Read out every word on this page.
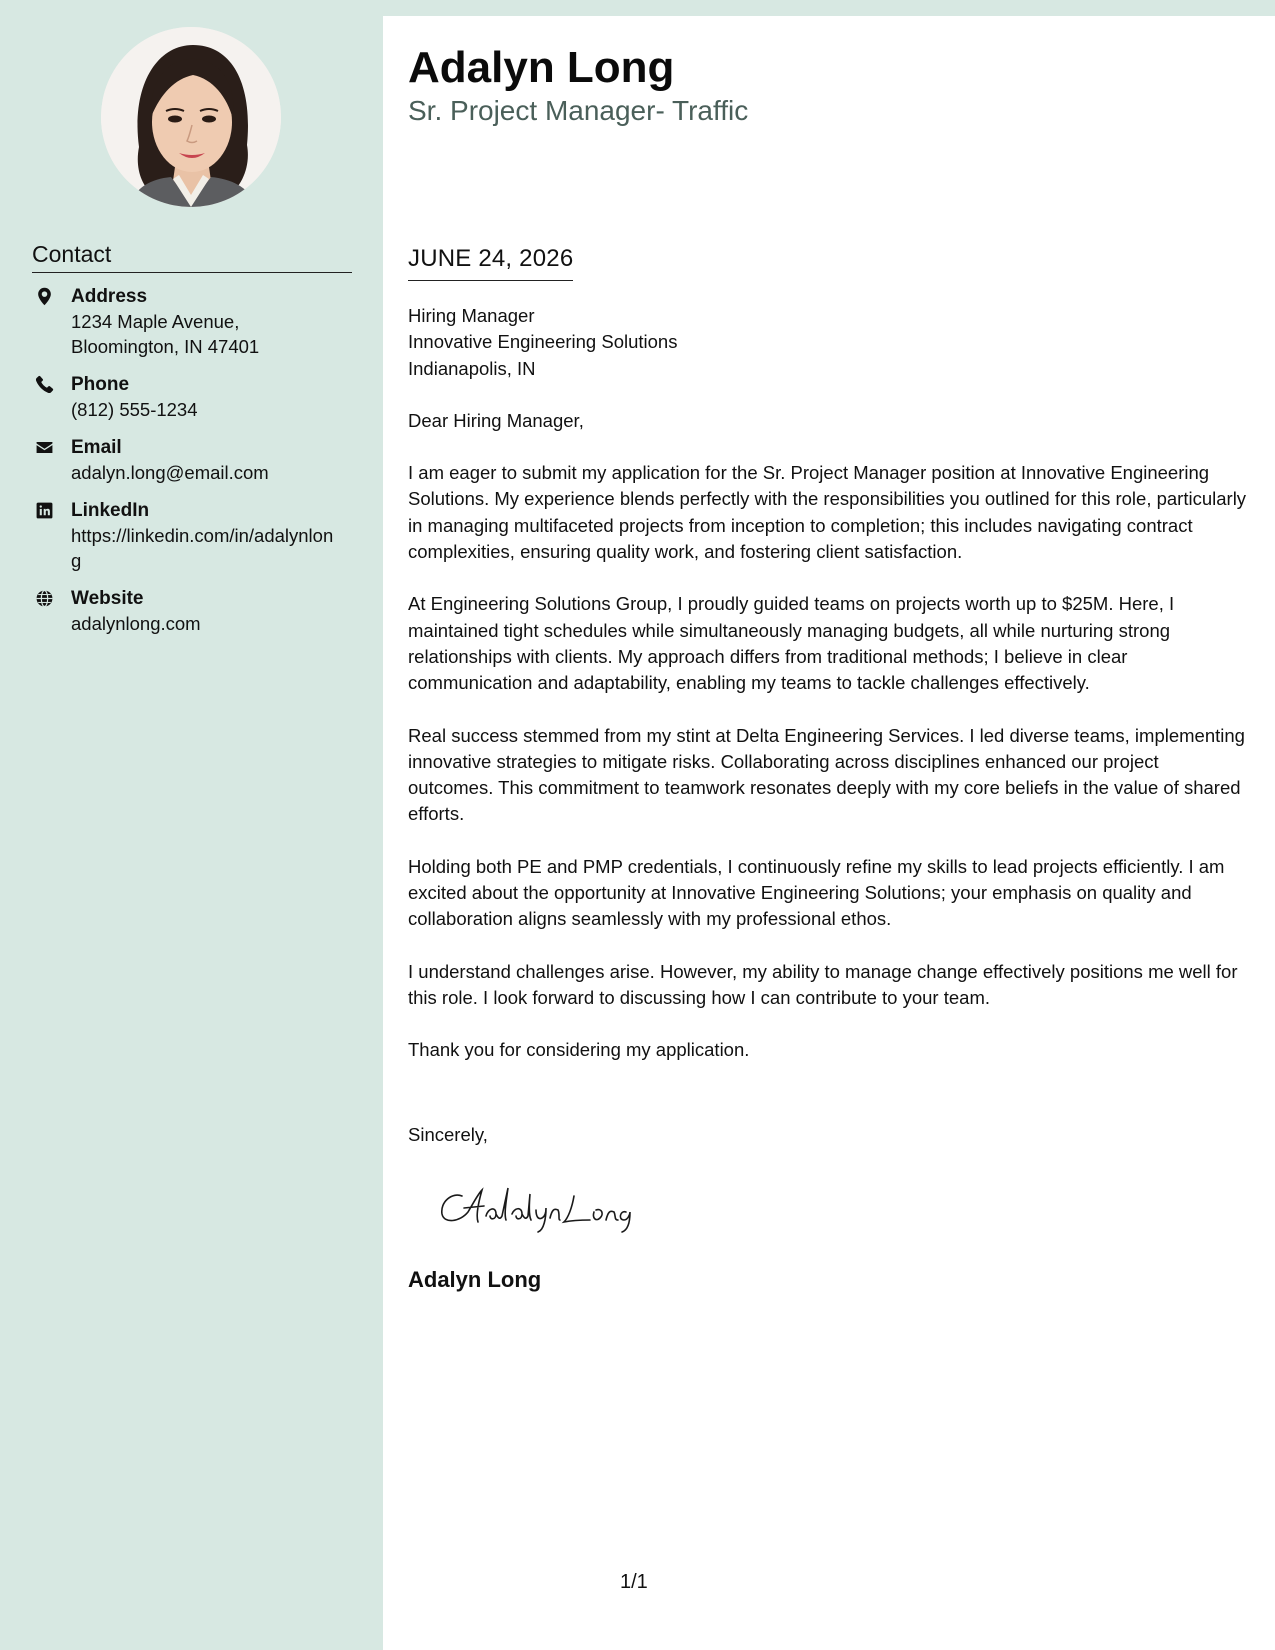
Contact
Address
1234 Maple Avenue,
Bloomington, IN 47401
Phone
(812) 555-1234
Email
adalyn.long@email.com
LinkedIn
https://linkedin.com/in/adalynlon
g
Website
adalynlong.com
Adalyn Long
Sr. Project Manager- Traffic
JUNE 24, 2026
Hiring Manager
Innovative Engineering Solutions
Indianapolis, IN

Dear Hiring Manager,

I am eager to submit my application for the Sr. Project Manager position at Innovative Engineering Solutions. My experience blends perfectly with the responsibilities you outlined for this role, particularly in managing multifaceted projects from inception to completion; this includes navigating contract complexities, ensuring quality work, and fostering client satisfaction.

At Engineering Solutions Group, I proudly guided teams on projects worth up to $25M. Here, I maintained tight schedules while simultaneously managing budgets, all while nurturing strong relationships with clients. My approach differs from traditional methods; I believe in clear communication and adaptability, enabling my teams to tackle challenges effectively.

Real success stemmed from my stint at Delta Engineering Services. I led diverse teams, implementing innovative strategies to mitigate risks. Collaborating across disciplines enhanced our project outcomes. This commitment to teamwork resonates deeply with my core beliefs in the value of shared efforts.

Holding both PE and PMP credentials, I continuously refine my skills to lead projects efficiently. I am excited about the opportunity at Innovative Engineering Solutions; your emphasis on quality and collaboration aligns seamlessly with my professional ethos.

I understand challenges arise. However, my ability to manage change effectively positions me well for this role. I look forward to discussing how I can contribute to your team.

Thank you for considering my application.

Sincerely,
Adalyn Long
1/1
